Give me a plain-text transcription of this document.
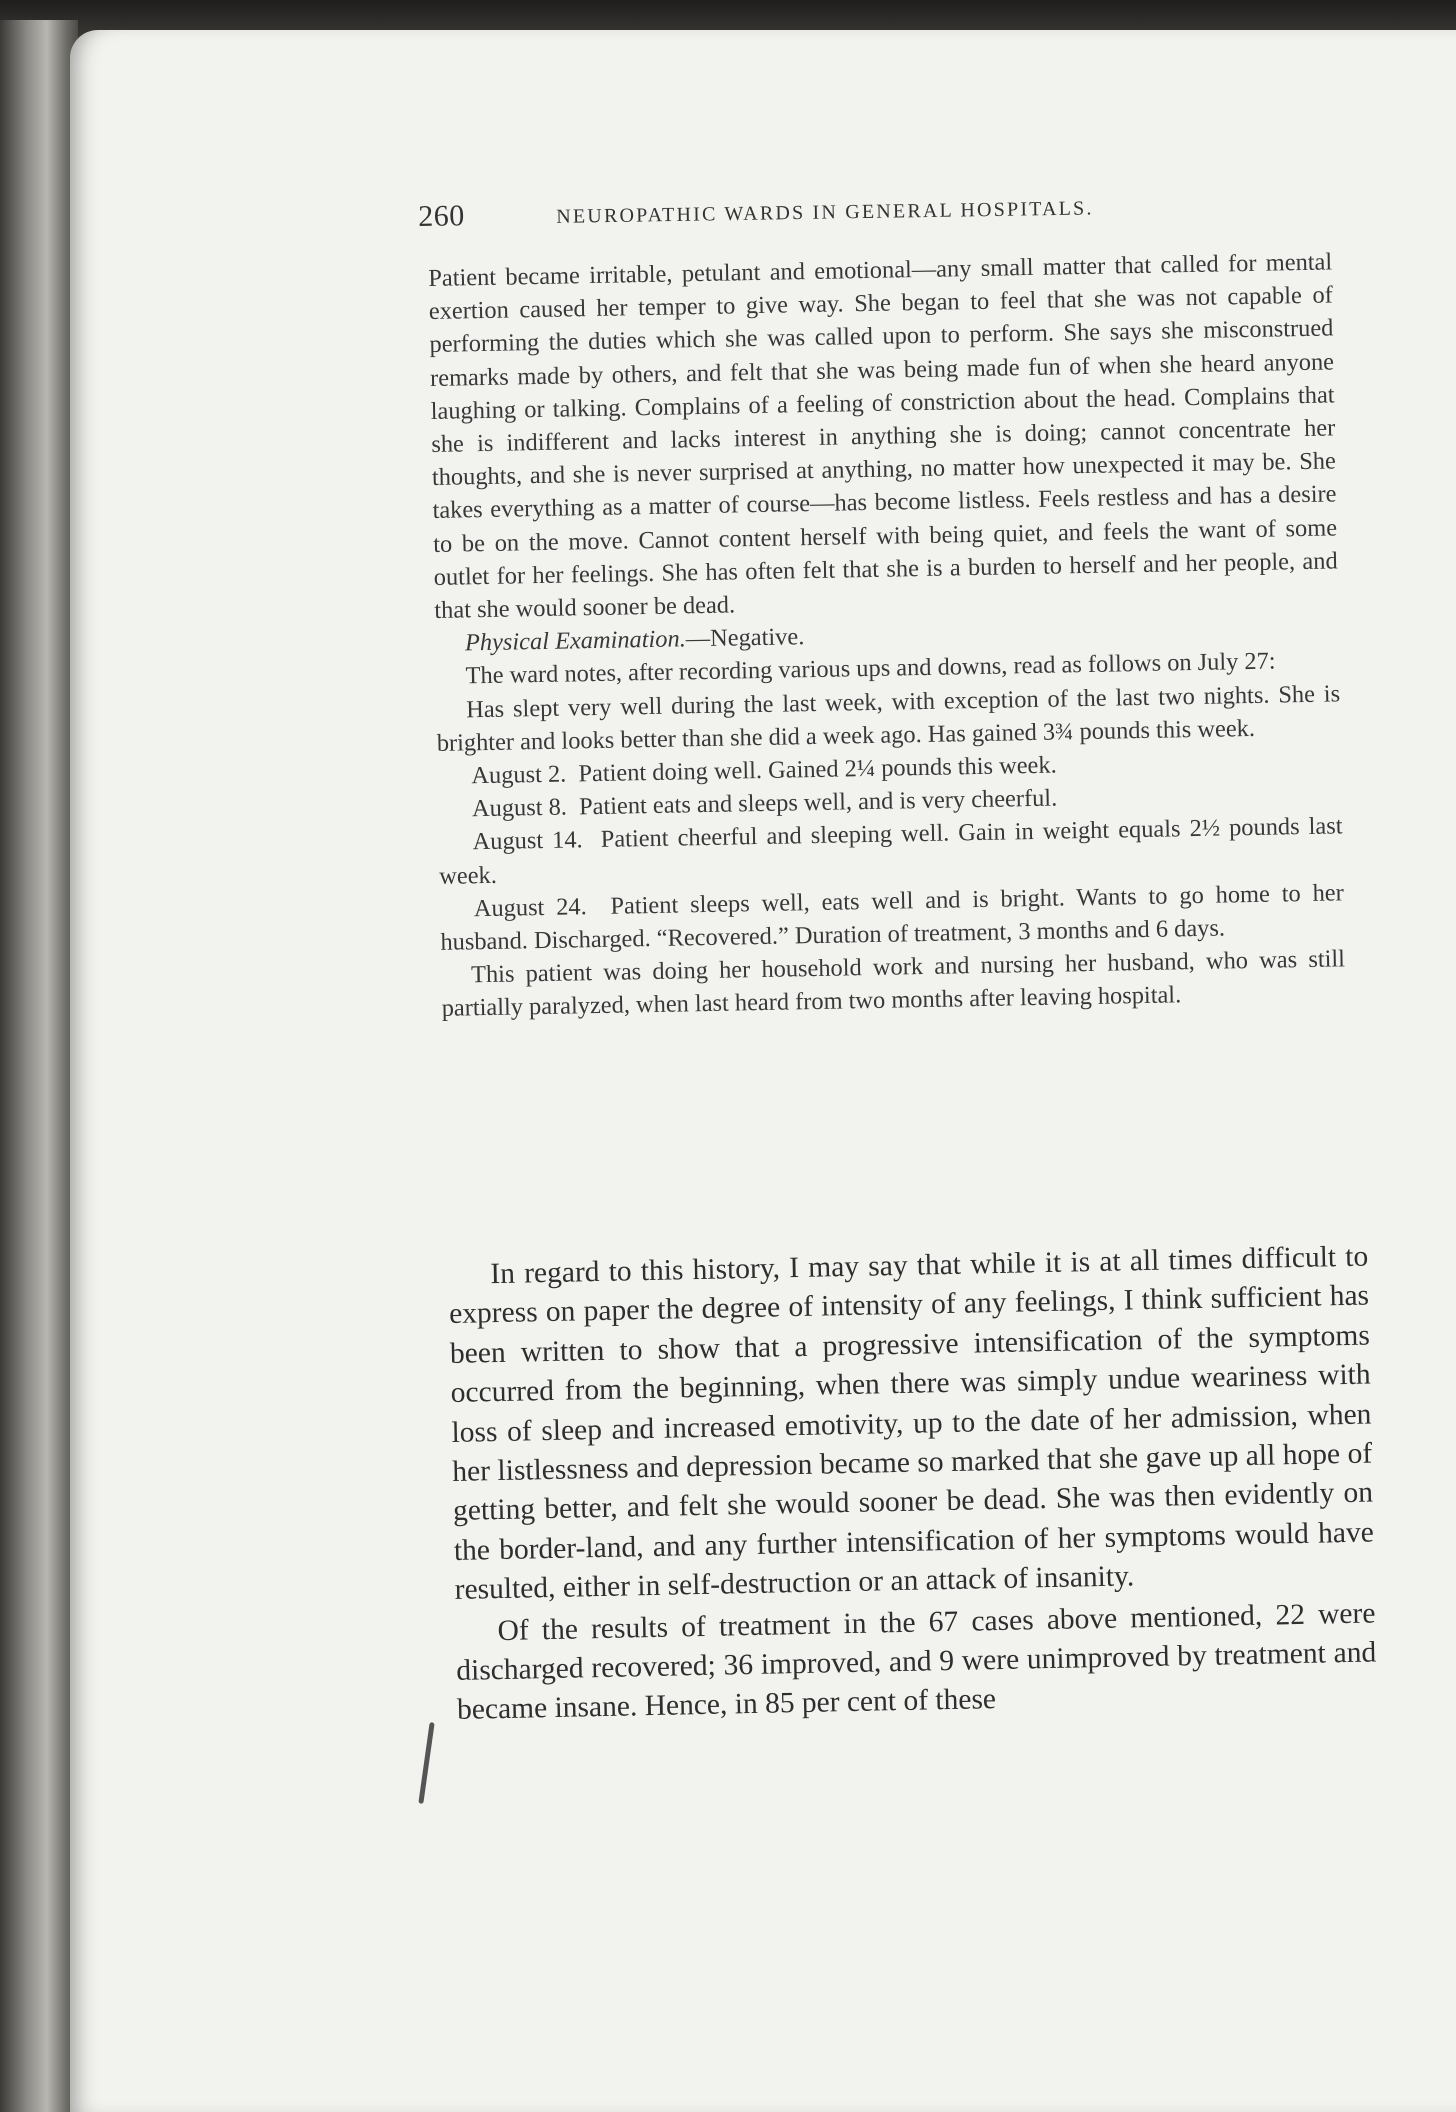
260	NEUROPATHIC WARDS IN GENERAL HOSPITALS.

Patient became irritable, petulant and emotional—any small matter that called for mental exertion caused her temper to give way. She began to feel that she was not capable of performing the duties which she was called upon to perform. She says she misconstrued remarks made by others, and felt that she was being made fun of when she heard anyone laughing or talking. Complains of a feeling of constriction about the head. Complains that she is indifferent and lacks interest in anything she is doing; cannot concentrate her thoughts, and she is never surprised at anything, no matter how unexpected it may be. She takes everything as a matter of course—has become listless. Feels restless and has a desire to be on the move. Cannot content herself with being quiet, and feels the want of some outlet for her feelings. She has often felt that she is a burden to herself and her people, and that she would sooner be dead.

Physical Examination.—Negative.

The ward notes, after recording various ups and downs, read as follows on July 27:

Has slept very well during the last week, with exception of the last two nights. She is brighter and looks better than she did a week ago. Has gained 3¾ pounds this week.

August 2. Patient doing well. Gained 2¼ pounds this week.

August 8. Patient eats and sleeps well, and is very cheerful.

August 14. Patient cheerful and sleeping well. Gain in weight equals 2½ pounds last week.

August 24. Patient sleeps well, eats well and is bright. Wants to go home to her husband. Discharged. “Recovered.” Duration of treatment, 3 months and 6 days.

This patient was doing her household work and nursing her husband, who was still partially paralyzed, when last heard from two months after leaving hospital.

In regard to this history, I may say that while it is at all times difficult to express on paper the degree of intensity of any feelings, I think sufficient has been written to show that a progressive intensification of the symptoms occurred from the beginning, when there was simply undue weariness with loss of sleep and increased emotivity, up to the date of her admission, when her listlessness and depression became so marked that she gave up all hope of getting better, and felt she would sooner be dead. She was then evidently on the border-land, and any further intensification of her symptoms would have resulted, either in self-destruction or an attack of insanity.

Of the results of treatment in the 67 cases above mentioned, 22 were discharged recovered; 36 improved, and 9 were unimproved by treatment and became insane. Hence, in 85 per cent of these
